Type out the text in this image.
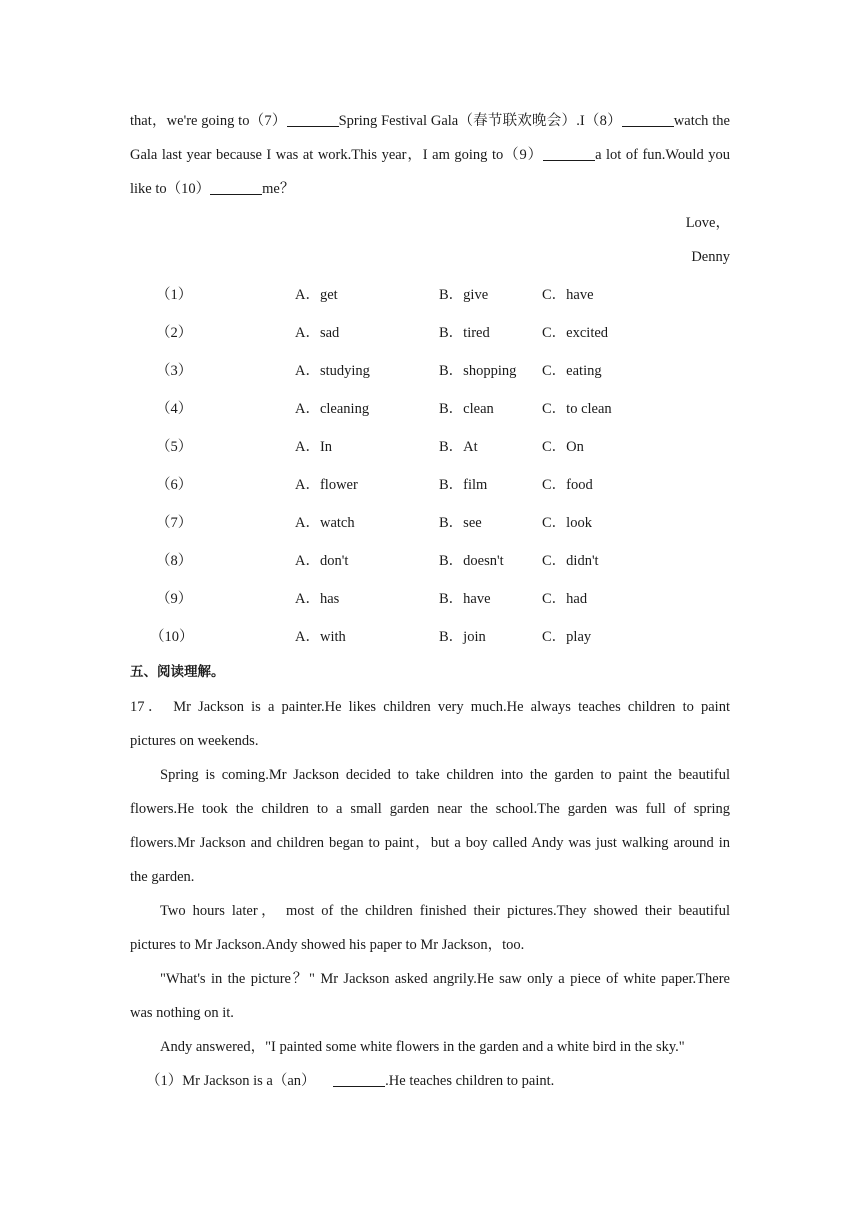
that，we're going to（7）	Spring Festival Gala（春节联欢晚会）.I（8）	watch the
Gala last year because I was at work.This year，I am going to（9）	a lot of fun.Would you
like to（10）	me？
Love，
Denny
（1）	A．get	B．give	C．have
（2）	A．sad	B．tired	C．excited
（3）	A．studying	B．shopping C．eating
（4）	A．cleaning	B．clean	C．to clean
（5）	A．In	B．At	C．On
（6）	A．flower	B．film	C．food
（7）	A．watch	B．see	C．look
（8）	A．don't	B．doesn't	C．didn't
（9）	A．has	B．have	C．had
（10）	A．with	B．join	C．play
五、阅读理解。
17． Mr Jackson is a painter.He likes children very much.He always teaches children to paint
pictures on weekends.
Spring is coming.Mr Jackson decided to take children into the garden to paint the beautiful
flowers.He took the children to a small garden near the school.The garden was full of spring
flowers.Mr Jackson and children began to paint，but a boy called Andy was just walking around in
the garden.
Two hours later， most of the children finished their pictures.They showed their beautiful
pictures to Mr Jackson.Andy showed his paper to Mr Jackson，too.
"What's in the picture？" Mr Jackson asked angrily.He saw only a piece of white paper.There
was nothing on it.
Andy answered，"I painted some white flowers in the garden and a white bird in the sky."
（1）Mr Jackson is a（an）	.He teaches children to paint.
